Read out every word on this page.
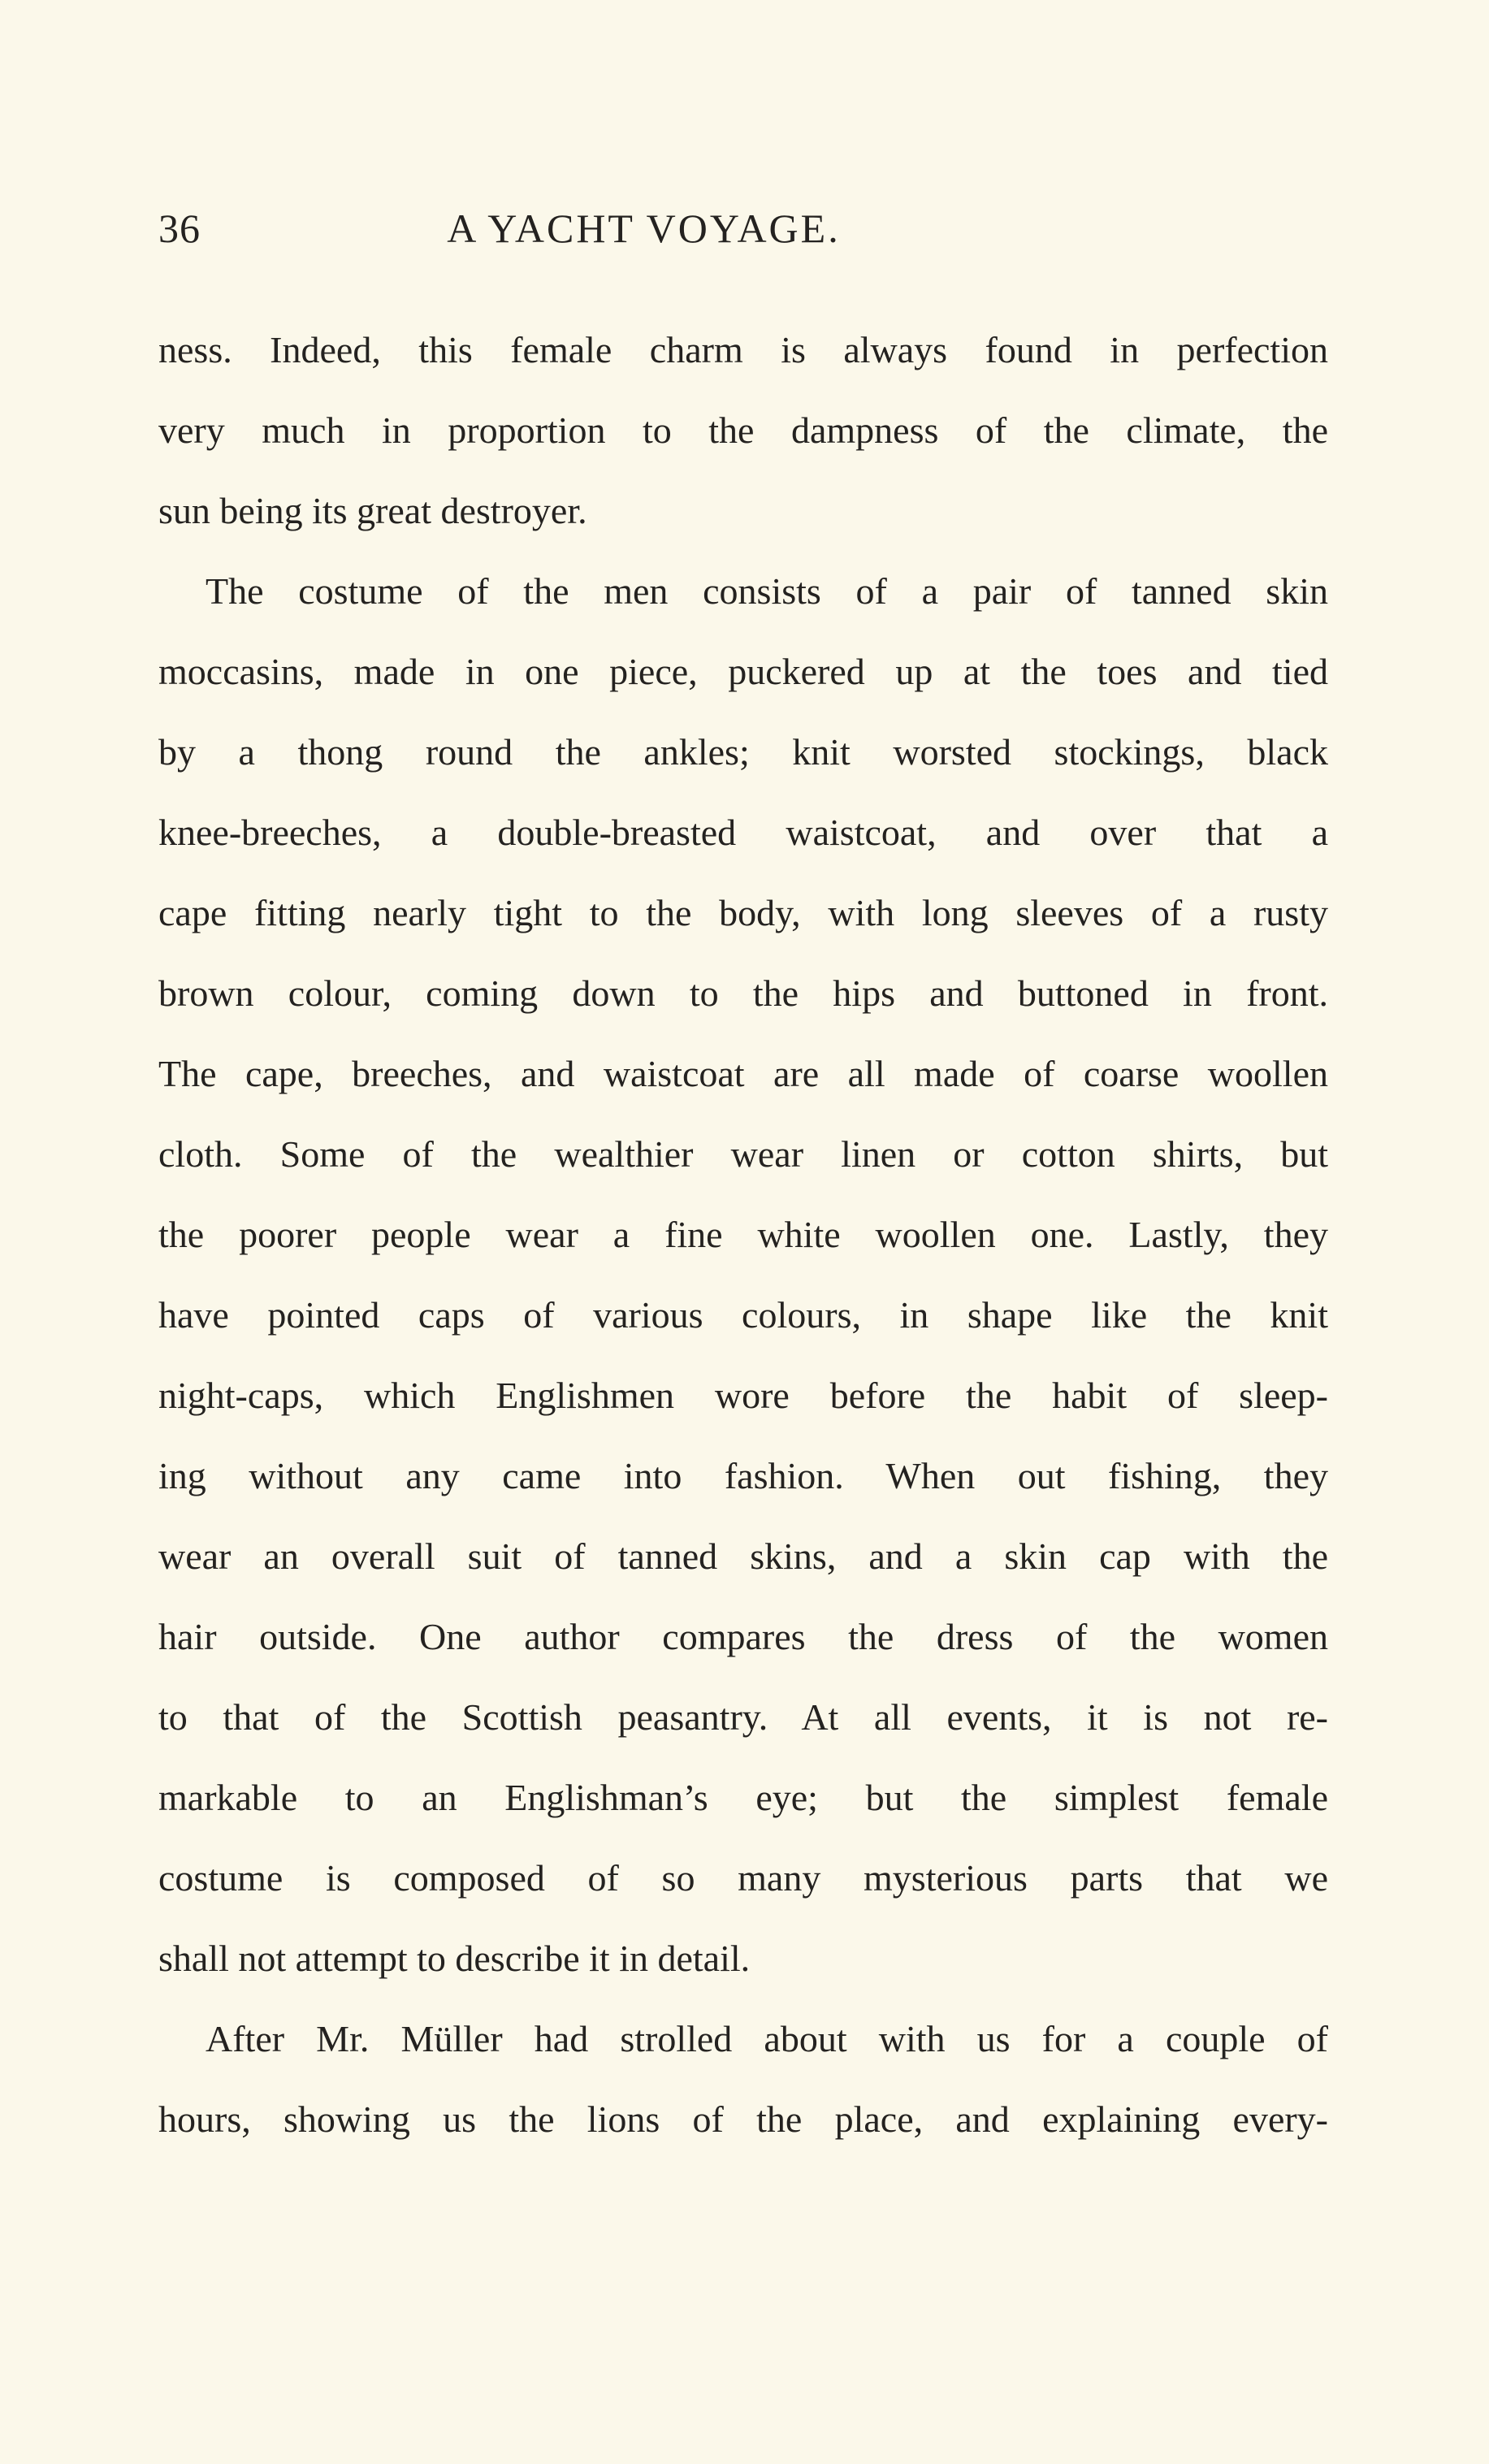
36	A YACHT VOYAGE.
ness. Indeed, this female charm is always found in perfection
very much in proportion to the dampness of the climate, the
sun being its great destroyer.
The costume of the men consists of a pair of tanned skin
moccasins, made in one piece, puckered up at the toes and tied
by a thong round the ankles; knit worsted stockings, black
knee-breeches, a double-breasted waistcoat, and over that a
cape fitting nearly tight to the body, with long sleeves of a rusty
brown colour, coming down to the hips and buttoned in front.
The cape, breeches, and waistcoat are all made of coarse woollen
cloth. Some of the wealthier wear linen or cotton shirts, but
the poorer people wear a fine white woollen one. Lastly, they
have pointed caps of various colours, in shape like the knit
night-caps, which Englishmen wore before the habit of sleep-
ing without any came into fashion. When out fishing, they
wear an overall suit of tanned skins, and a skin cap with the
hair outside. One author compares the dress of the women
to that of the Scottish peasantry. At all events, it is not re-
markable to an Englishman’s eye; but the simplest female
costume is composed of so many mysterious parts that we
shall not attempt to describe it in detail.
After Mr. Müller had strolled about with us for a couple of
hours, showing us the lions of the place, and explaining every-
